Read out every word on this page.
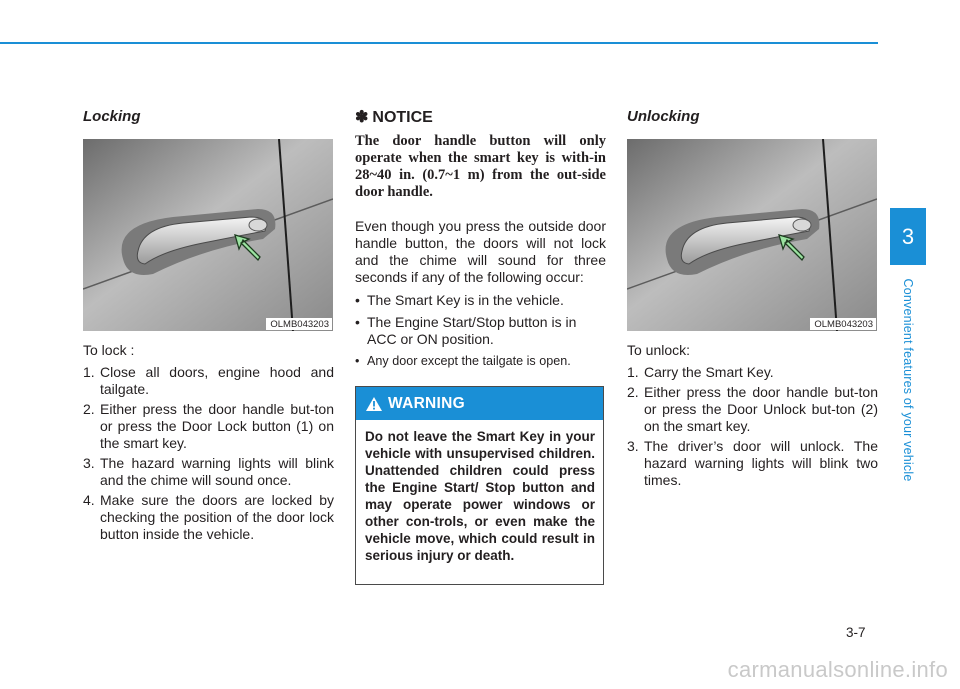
Locking
OLMB043203

To lock :

1. Close all doors, engine hood and tailgate.
2. Either press the door handle but-ton or press the Door Lock button (1) on the smart key.
3. The hazard warning lights will blink and the chime will sound once.
4. Make sure the doors are locked by checking the position of the door lock button inside the vehicle.

✽ NOTICE

The door handle button will only operate when the smart key is with-in 28~40 in. (0.7~1 m) from the out-side door handle.

Even though you press the outside door handle button, the doors will not lock and the chime will sound for three seconds if any of the following occur:

• The Smart Key is in the vehicle.
• The Engine Start/Stop button is in ACC or ON position.
• Any door except the tailgate is open.
WARNING
Do not leave the Smart Key in your vehicle with unsupervised children. Unattended children could press the Engine Start/ Stop button and may operate power windows or other con-trols, or even make the vehicle move, which could result in serious injury or death.
Unlocking
OLMB043203

To unlock:

1. Carry the Smart Key.
2. Either press the door handle but-ton or press the Door Unlock but-ton (2) on the smart key.
3. The driver’s door will unlock. The hazard warning lights will blink two times.
3
Convenient features of your vehicle
3-7
carmanualsonline.info
